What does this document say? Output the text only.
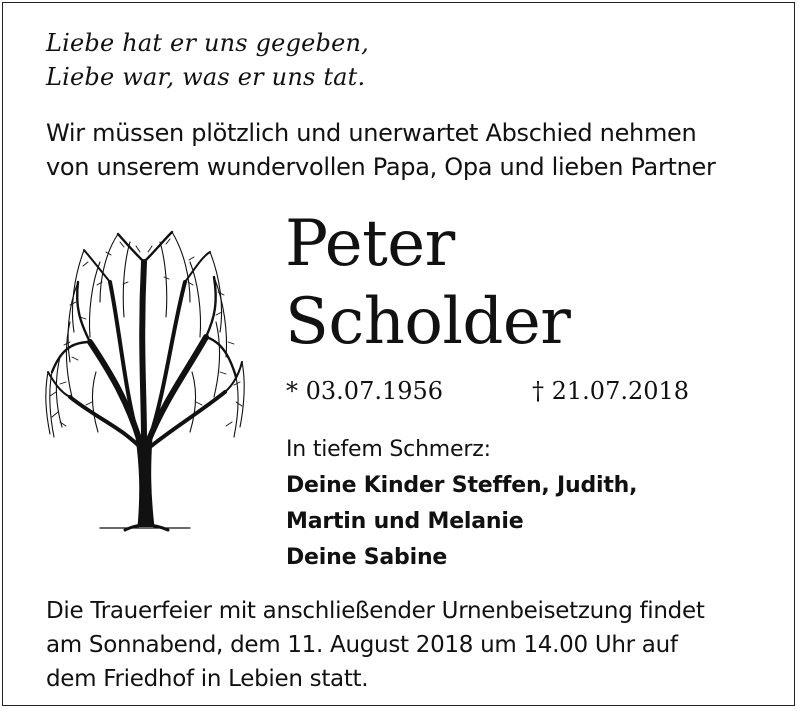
Liebe hat er uns gegeben,
Liebe war, was er uns tat.
Wir müssen plötzlich und unerwartet Abschied nehmen
von unserem wundervollen Papa, Opa und lieben Partner
Peter
Scholder
* 03.07.1956	† 21.07.2018
In tiefem Schmerz:
Deine Kinder Steffen, Judith,
Martin und Melanie
Deine Sabine
Die Trauerfeier mit anschließender Urnenbeisetzung findet
am Sonnabend, dem 11. August 2018 um 14.00 Uhr auf
dem Friedhof in Lebien statt.
